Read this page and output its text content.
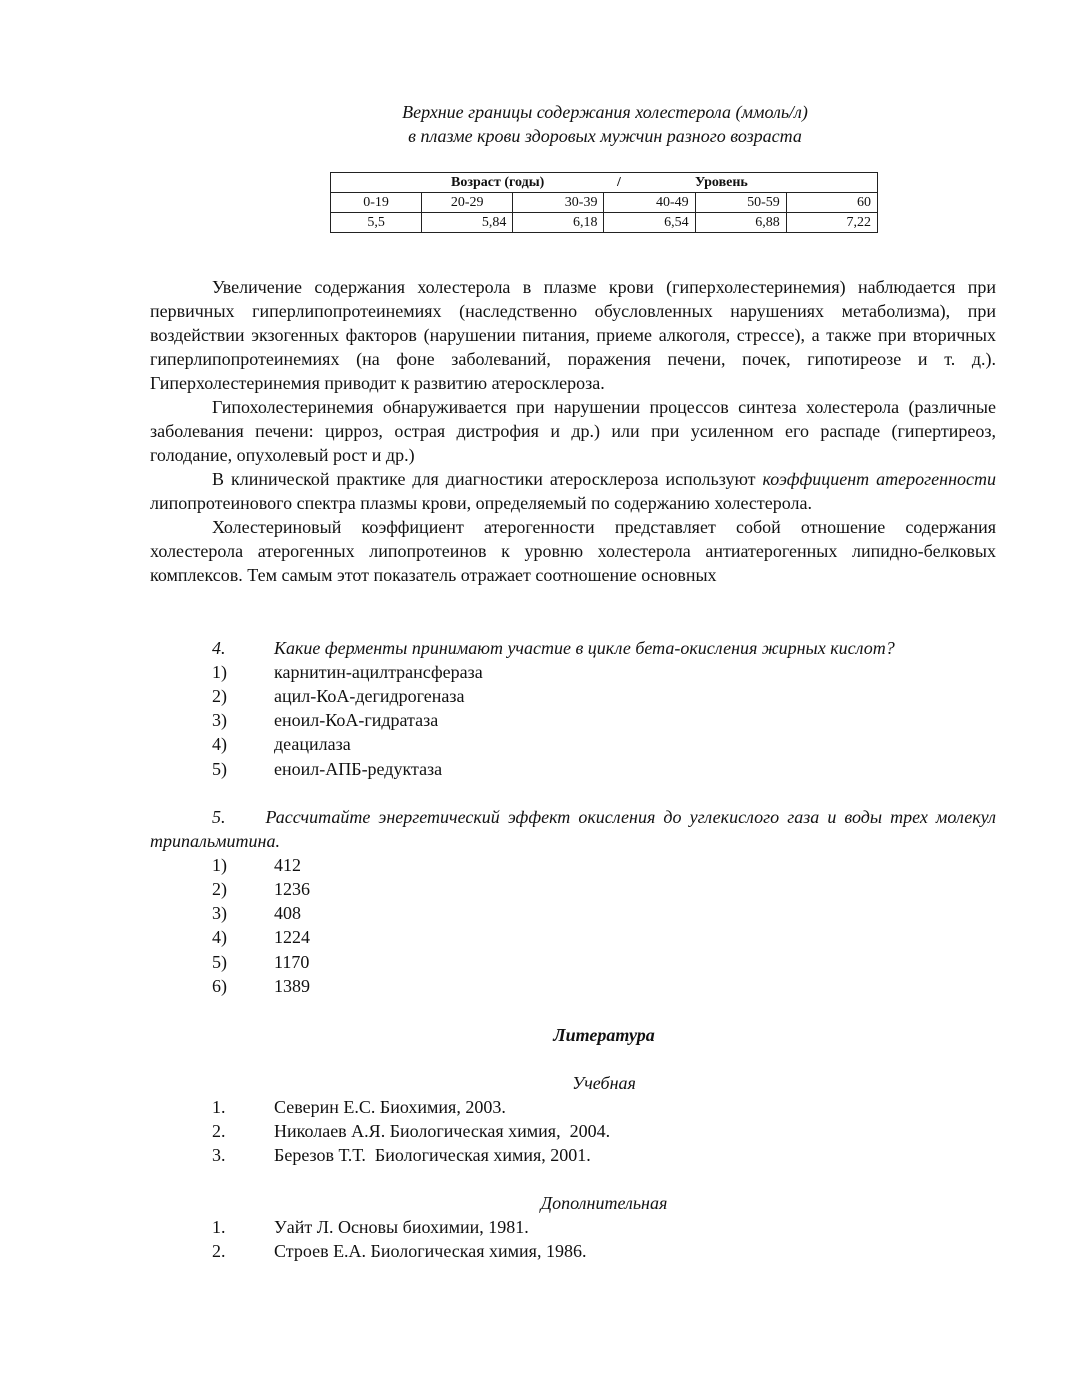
Верхние границы содержания холестерола (ммоль/л)
в плазме крови здоровых мужчин разного возраста
Возраст (годы) / Уровень					

0-19	20-29	30-39	40-49	50-59	60
5,5	5,84	6,18	6,54	6,88	7,22

Увеличение содержания холестерола в плазме крови (гиперхолестеринемия) наблюдается при первичных гиперлипопротеинемиях (наследственно обусловленных нарушениях метаболизма), при воздействии экзогенных факторов (нарушении питания, приеме алкоголя, стрессе), а также при вторичных гиперлипопротеинемиях (на фоне заболеваний, поражения печени, почек, гипотиреозе и т. д.). Гиперхолестеринемия приводит к развитию атеросклероза.

Гипохолестеринемия обнаруживается при нарушении процессов синтеза холестерола (различные заболевания печени: цирроз, острая дистрофия и др.) или при усиленном его распаде (гипертиреоз, голодание, опухолевый рост и др.)

В клинической практике для диагностики атеросклероза используют коэффициент атерогенности липопротеинового спектра плазмы крови, определяемый по содержанию холестерола.

Холестериновый коэффициент атерогенности представляет собой отношение содержания холестерола атерогенных липопротеинов к уровню холестерола антиатерогенных липидно-белковых комплексов. Тем самым этот показатель отражает соотношение основных

4.	Какие ферменты принимают участие в цикле бета-окисления жирных кислот?
1)	карнитин-ацилтрансфераза
2)	ацил-КоА-дегидрогеназа
3)	еноил-КоА-гидратаза
4)	деацилаза
5)	еноил-АПБ-редуктаза
5. Рассчитайте энергетический эффект окисления до углекислого газа и воды трех молекул трипальмитина.
1)	412
2)	1236
3)	408
4)	1224
5)	1170
6)	1389
Литература
Учебная
1.	Северин Е.С. Биохимия, 2003.
2.	Николаев А.Я. Биологическая химия,  2004.
3.	Березов Т.Т.  Биологическая химия, 2001.
Дополнительная
1.	Уайт Л. Основы биохимии, 1981.
2.	Строев Е.А. Биологическая химия, 1986.
